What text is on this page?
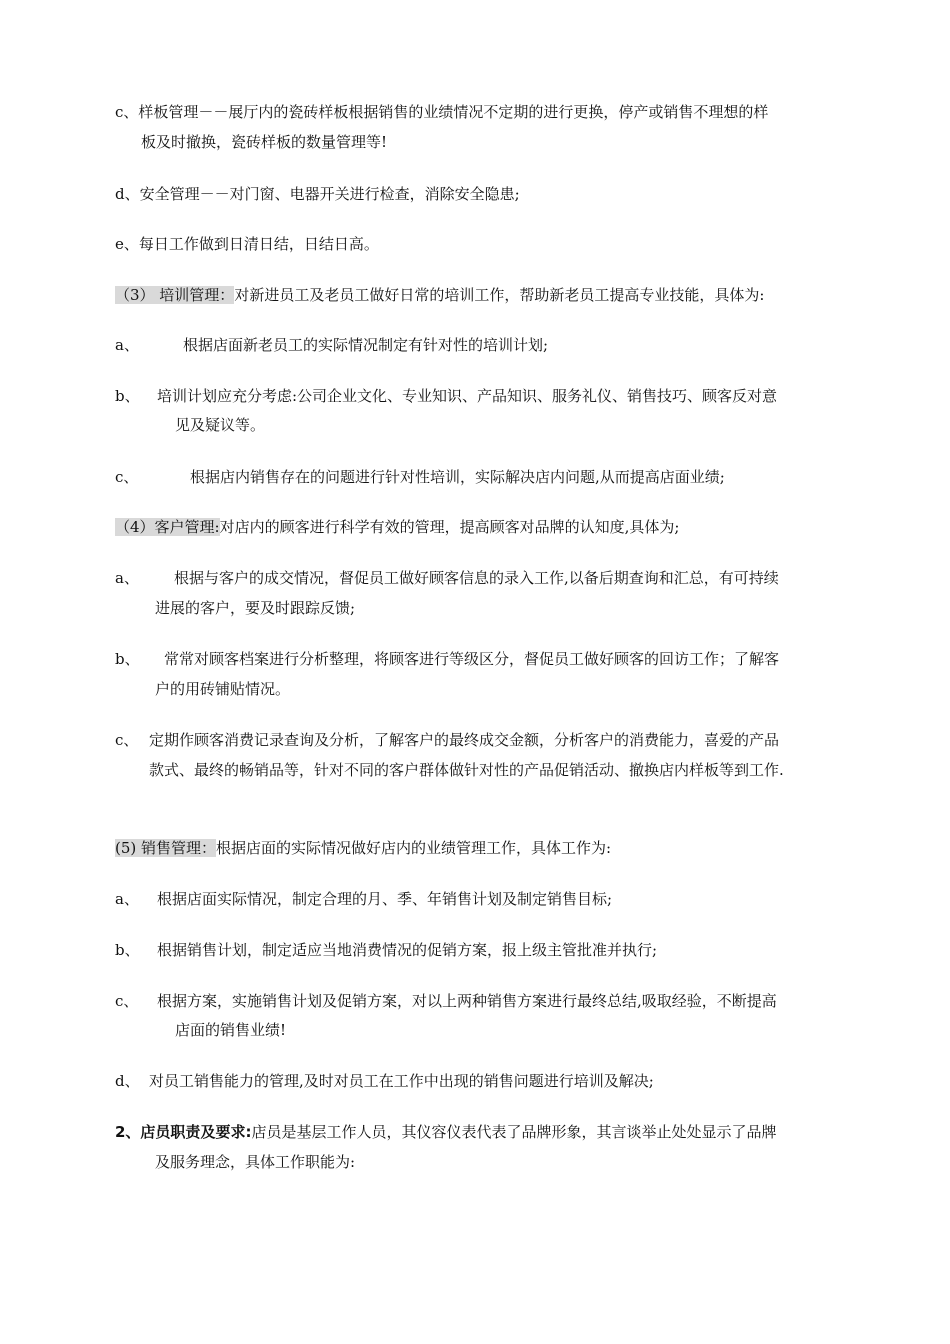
c、样板管理－－展厅内的瓷砖样板根据销售的业绩情况不定期的进行更换，停产或销售不理想的样
板及时撤换，瓷砖样板的数量管理等!
d、安全管理－－对门窗、电器开关进行检查，消除安全隐患;
e、每日工作做到日清日结，日结日高。
（3） 培训管理：对新进员工及老员工做好日常的培训工作，帮助新老员工提高专业技能，具体为:
a、	根据店面新老员工的实际情况制定有针对性的培训计划;
b、 培训计划应充分考虑:公司企业文化、专业知识、产品知识、服务礼仪、销售技巧、顾客反对意
见及疑议等。
c、	根据店内销售存在的问题进行针对性培训，实际解决店内问题,从而提高店面业绩;
（4）客户管理:对店内的顾客进行科学有效的管理，提高顾客对品牌的认知度,具体为;
a、 根据与客户的成交情况，督促员工做好顾客信息的录入工作,以备后期查询和汇总，有可持续
进展的客户，要及时跟踪反馈;
b、 常常对顾客档案进行分析整理，将顾客进行等级区分，督促员工做好顾客的回访工作；了解客
户的用砖铺贴情况。
c、 定期作顾客消费记录查询及分析，了解客户的最终成交金额，分析客户的消费能力，喜爱的产品
款式、最终的畅销品等，针对不同的客户群体做针对性的产品促销活动、撤换店内样板等到工作.
(5) 销售管理：根据店面的实际情况做好店内的业绩管理工作，具体工作为:
a、 根据店面实际情况，制定合理的月、季、年销售计划及制定销售目标;
b、 根据销售计划，制定适应当地消费情况的促销方案，报上级主管批准并执行;
c、 根据方案，实施销售计划及促销方案，对以上两种销售方案进行最终总结,吸取经验，不断提高
店面的销售业绩!
d、 对员工销售能力的管理,及时对员工在工作中出现的销售问题进行培训及解决;
2、店员职责及要求:店员是基层工作人员，其仪容仪表代表了品牌形象，其言谈举止处处显示了品牌
及服务理念，具体工作职能为:
